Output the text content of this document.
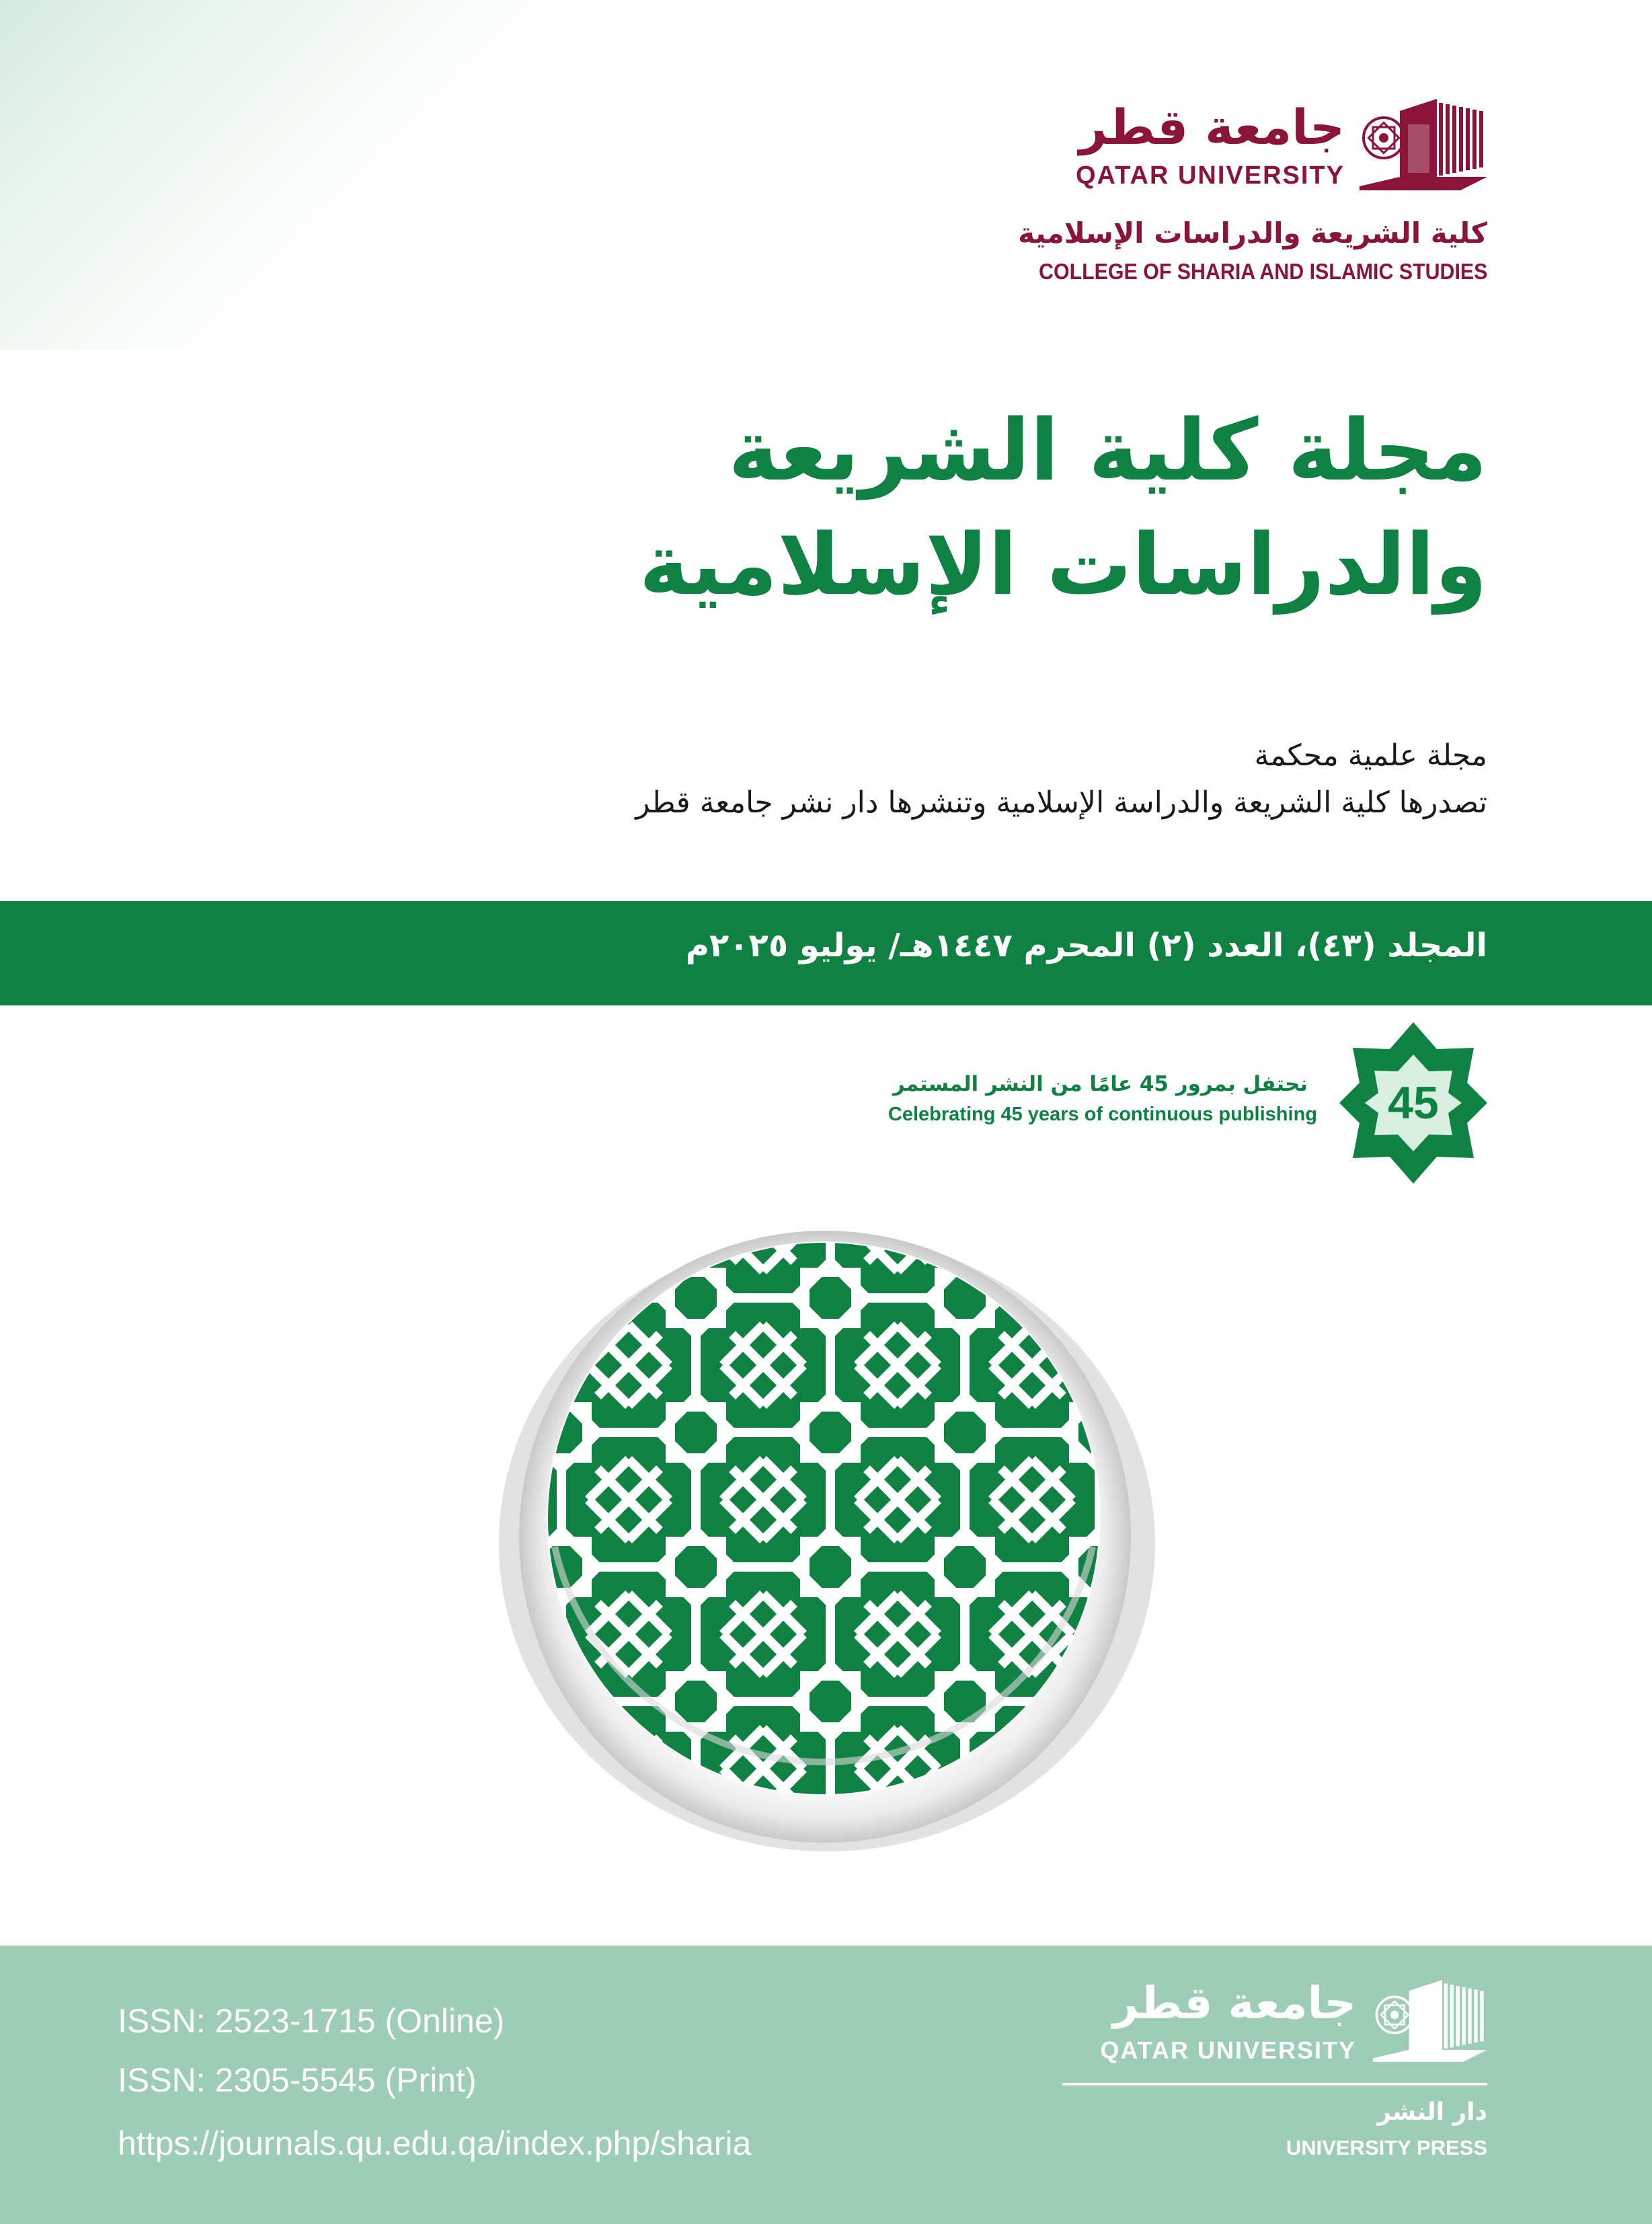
جامعة قطر
QATAR UNIVERSITY
كلية الشريعة والدراسات الإسلامية
COLLEGE OF SHARIA AND ISLAMIC STUDIES
مجلة كلية الشريعة
والدراسات الإسلامية
مجلة علمية محكمة
تصدرها كلية الشريعة والدراسة الإسلامية وتنشرها دار نشر جامعة قطر
المجلد (٤٣)، العدد (٢) المحرم ١٤٤٧هـ/ يوليو ٢٠٢٥م
45
نحتفل بمرور 45 عامًا من النشر المستمر
Celebrating 45 years of continuous publishing
ISSN: 2523-1715 (Online)
ISSN: 2305-5545 (Print)
https://journals.qu.edu.qa/index.php/sharia
جامعة قطر
QATAR UNIVERSITY
دار النشر
UNIVERSITY PRESS
